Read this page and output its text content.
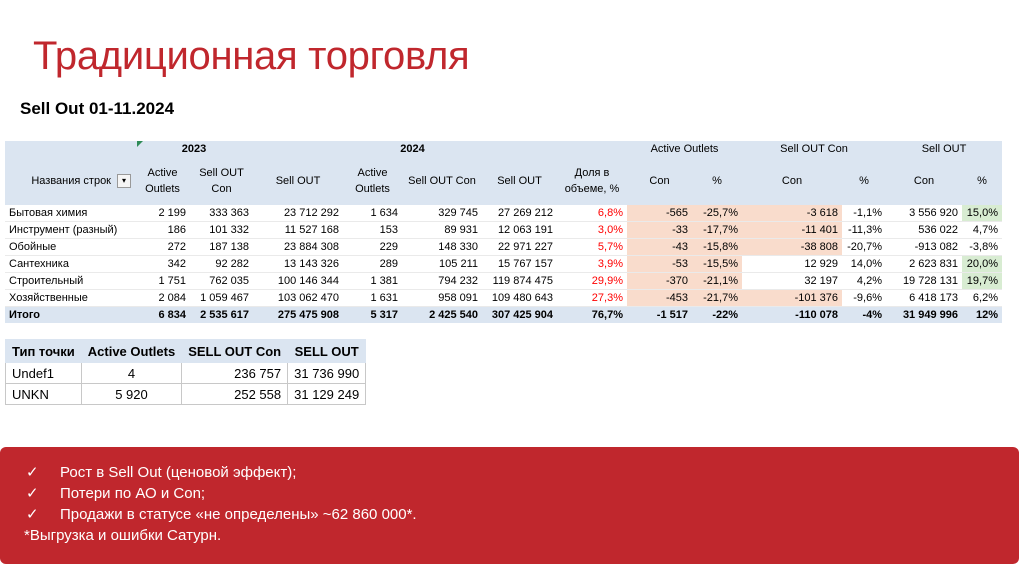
Традиционная торговля
Sell Out 01-11.2024
	2023			2024				Active Outlets		Sell OUT Con		Sell OUT	
Названия строк ▾	Active
Outlets	Sell OUT
Con	Sell OUT	Active
Outlets	Sell OUT Con	Sell OUT	Доля в
объеме, %	Con	%	Con	%	Con	%
Бытовая химия	2 199	333 363	23 712 292	1 634	329 745	27 269 212	6,8%	-565	-25,7%	-3 618	-1,1%	3 556 920	15,0%
Инструмент (разный)	186	101 332	11 527 168	153	89 931	12 063 191	3,0%	-33	-17,7%	-11 401	-11,3%	536 022	4,7%
Обойные	272	187 138	23 884 308	229	148 330	22 971 227	5,7%	-43	-15,8%	-38 808	-20,7%	-913 082	-3,8%
Сантехника	342	92 282	13 143 326	289	105 211	15 767 157	3,9%	-53	-15,5%	12 929	14,0%	2 623 831	20,0%
Строительный	1 751	762 035	100 146 344	1 381	794 232	119 874 475	29,9%	-370	-21,1%	32 197	4,2%	19 728 131	19,7%
Хозяйственные	2 084	1 059 467	103 062 470	1 631	958 091	109 480 643	27,3%	-453	-21,7%	-101 376	-9,6%	6 418 173	6,2%
Итого	6 834	2 535 617	275 475 908	5 317	2 425 540	307 425 904	76,7%	-1 517	-22%	-110 078	-4%	31 949 996	12%
Тип точки	Active Outlets	SELL OUT Con	SELL OUT
Undef1	4	236 757	31 736 990
UNKN	5 920	252 558	31 129 249
✓ Рост в Sell Out (ценовой эффект);
✓ Потери по АО и Con;
✓ Продажи в статусе «не определены» ~62 860 000*.
*Выгрузка и ошибки Сатурн.
